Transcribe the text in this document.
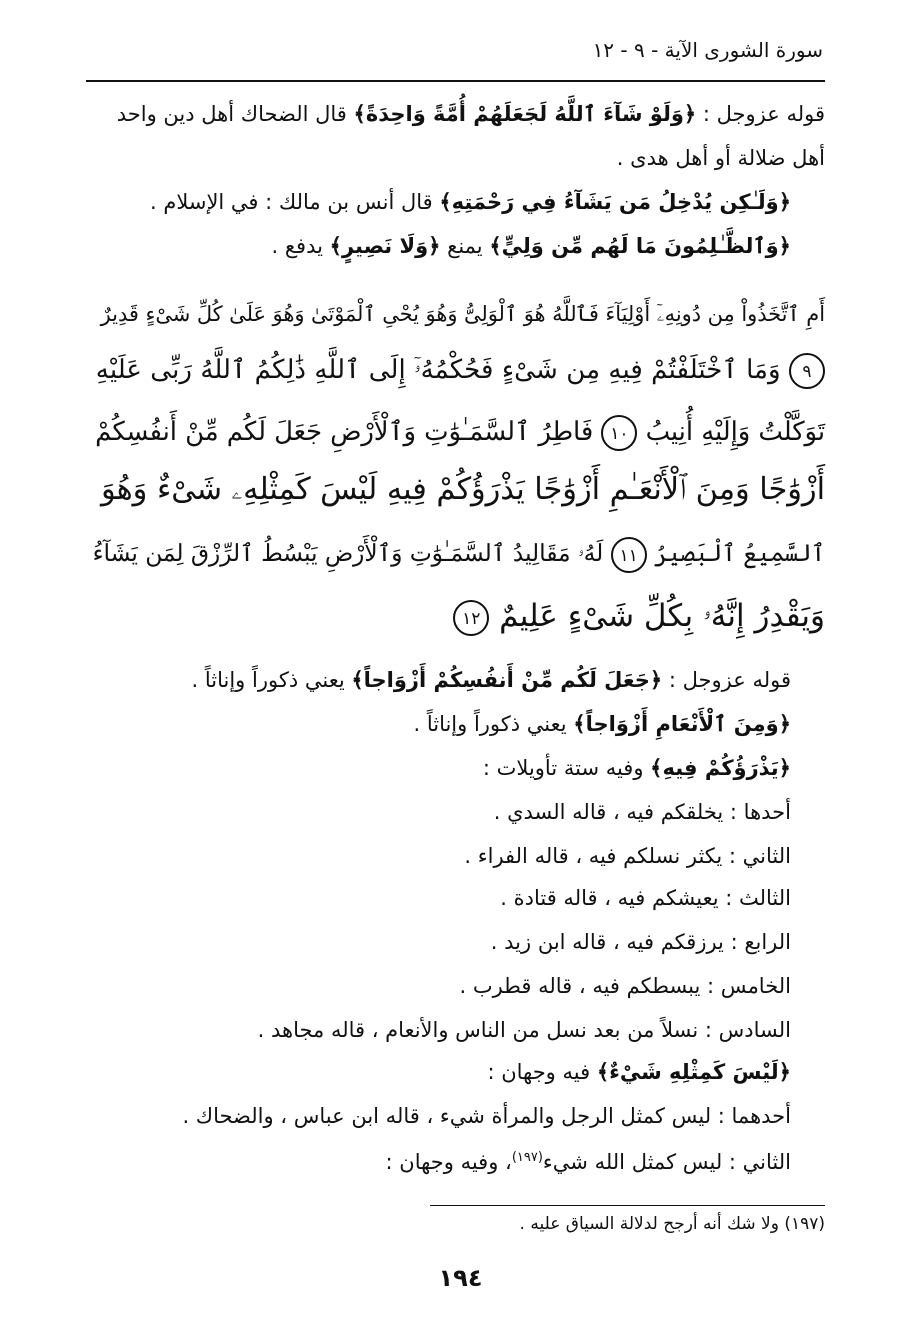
سورة الشورى الآية - ٩ - ١٢
قوله عزوجل : ﴿وَلَوْ شَآءَ ٱللَّهُ لَجَعَلَهُمْ أُمَّةً وَاحِدَةً﴾ قال الضحاك أهل دين واحد
أهل ضلالة أو أهل هدى .
﴿وَلَـٰكِن يُدْخِلُ مَن يَشَآءُ فِي رَحْمَتِهِ﴾ قال أنس بن مالك : في الإسلام .
﴿وَٱلظَّـٰلِمُونَ مَا لَهُم مِّن وَلِيٍّ﴾ يمنع ﴿وَلَا نَصِيرٍ﴾ يدفع .
أَمِ ٱتَّخَذُواْ مِن دُونِهِۦٓ أَوْلِيَآءَ فَٱللَّهُ هُوَ ٱلْوَلِىُّ وَهُوَ يُحْىِ ٱلْمَوْتَىٰ وَهُوَ عَلَىٰ كُلِّ شَىْءٍ قَدِيرٌ
٩ وَمَا ٱخْتَلَفْتُمْ فِيهِ مِن شَىْءٍ فَحُكْمُهُۥٓ إِلَى ٱللَّهِ ذَٰلِكُمُ ٱللَّهُ رَبِّى عَلَيْهِ
تَوَكَّلْتُ وَإِلَيْهِ أُنِيبُ ١٠ فَاطِرُ ٱلسَّمَـٰوَٰتِ وَٱلْأَرْضِ جَعَلَ لَكُم مِّنْ أَنفُسِكُمْ
أَزْوَٰجًا وَمِنَ ٱلْأَنْعَـٰمِ أَزْوَٰجًا يَذْرَؤُكُمْ فِيهِ لَيْسَ كَمِثْلِهِۦ شَىْءٌ وَهُوَ
ٱلسَّمِيعُ ٱلْبَصِيرُ ١١ لَهُۥ مَقَالِيدُ ٱلسَّمَـٰوَٰتِ وَٱلْأَرْضِ يَبْسُطُ ٱلرِّزْقَ لِمَن يَشَآءُ
وَيَقْدِرُ إِنَّهُۥ بِكُلِّ شَىْءٍ عَلِيمٌ ١٢
قوله عزوجل : ﴿جَعَلَ لَكُم مِّنْ أَنفُسِكُمْ أَزْوَاجاً﴾ يعني ذكوراً وإناثاً .
﴿وَمِنَ ٱلْأَنْعَامِ أَزْوَاجاً﴾ يعني ذكوراً وإناثاً .
﴿يَذْرَؤُكُمْ فِيهِ﴾ وفيه ستة تأويلات :
أحدها : يخلقكم فيه ، قاله السدي .
الثاني : يكثر نسلكم فيه ، قاله الفراء .
الثالث : يعيشكم فيه ، قاله قتادة .
الرابع : يرزقكم فيه ، قاله ابن زيد .
الخامس : يبسطكم فيه ، قاله قطرب .
السادس : نسلاً من بعد نسل من الناس والأنعام ، قاله مجاهد .
﴿لَيْسَ كَمِثْلِهِ شَيْءٌ﴾ فيه وجهان :
أحدهما : ليس كمثل الرجل والمرأة شيء ، قاله ابن عباس ، والضحاك .
الثاني : ليس كمثل الله شيء$^{(١٩٧)}$، وفيه وجهان :
(١٩٧) ولا شك أنه أرجح لدلالة السياق عليه .
١٩٤
